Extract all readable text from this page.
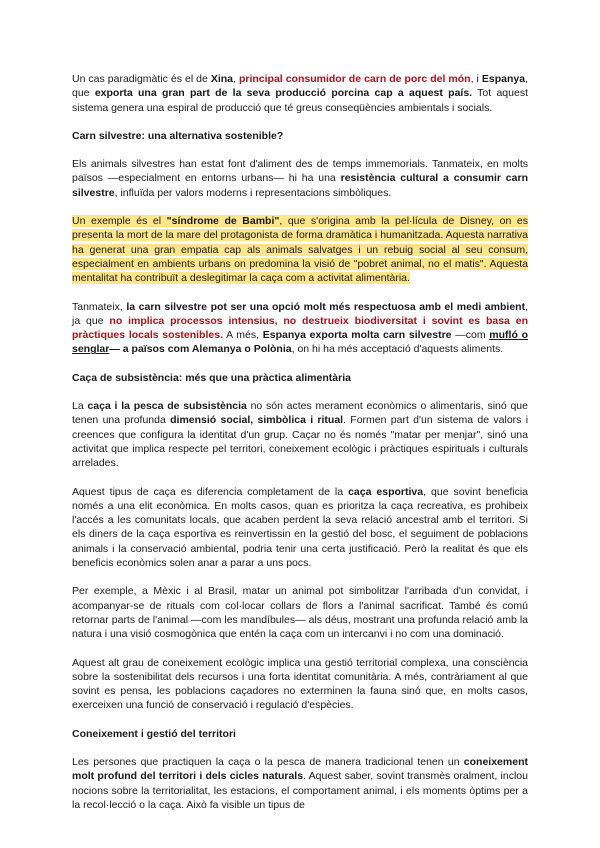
Un cas paradigmàtic és el de Xina, principal consumidor de carn de porc del món, i Espanya, que exporta una gran part de la seva producció porcina cap a aquest país. Tot aquest sistema genera una espiral de producció que té greus conseqüències ambientals i socials.

Carn silvestre: una alternativa sostenible?

Els animals silvestres han estat font d'aliment des de temps immemorials. Tanmateix, en molts països —especialment en entorns urbans— hi ha una resistència cultural a consumir carn silvestre, influïda per valors moderns i representacions simbòliques.

Un exemple és el "síndrome de Bambi", que s'origina amb la pel·lícula de Disney, on es presenta la mort de la mare del protagonista de forma dramàtica i humanitzada. Aquesta narrativa ha generat una gran empatia cap als animals salvatges i un rebuig social al seu consum, especialment en ambients urbans on predomina la visió de "pobret animal, no el matis". Aquesta mentalitat ha contribuït a deslegitimar la caça com a activitat alimentària.

Tanmateix, la carn silvestre pot ser una opció molt més respectuosa amb el medi ambient, ja que no implica processos intensius, no destrueix biodiversitat i sovint es basa en pràctiques locals sostenibles. A més, Espanya exporta molta carn silvestre —com mufló o senglar— a països com Alemanya o Polònia, on hi ha més acceptació d'aquests aliments.

Caça de subsistència: més que una pràctica alimentària

La caça i la pesca de subsistència no són actes merament econòmics o alimentaris, sinó que tenen una profunda dimensió social, simbòlica i ritual. Formen part d'un sistema de valors i creences que configura la identitat d'un grup. Caçar no és només "matar per menjar", sinó una activitat que implica respecte pel territori, coneixement ecològic i pràctiques espirituals i culturals arrelades.

Aquest tipus de caça es diferencia completament de la caça esportiva, que sovint beneficia només a una elit econòmica. En molts casos, quan es prioritza la caça recreativa, es prohibeix l'accés a les comunitats locals, que acaben perdent la seva relació ancestral amb el territori. Si els diners de la caça esportiva es reinvertissin en la gestió del bosc, el seguiment de poblacions animals i la conservació ambiental, podria tenir una certa justificació. Però la realitat és que els beneficis econòmics solen anar a parar a uns pocs.

Per exemple, a Mèxic i al Brasil, matar un animal pot simbolitzar l'arribada d'un convidat, i acompanyar-se de rituals com col·locar collars de flors a l'animal sacrificat. També és comú retornar parts de l'animal —com les mandíbules— als déus, mostrant una profunda relació amb la natura i una visió cosmogònica que entén la caça com un intercanvi i no com una dominació.

Aquest alt grau de coneixement ecològic implica una gestió territorial complexa, una consciència sobre la sostenibilitat dels recursos i una forta identitat comunitària. A més, contràriament al que sovint es pensa, les poblacions caçadores no exterminen la fauna sinó que, en molts casos, exerceixen una funció de conservació i regulació d'espècies.

Coneixement i gestió del territori

Les persones que practiquen la caça o la pesca de manera tradicional tenen un coneixement molt profund del territori i dels cicles naturals. Aquest saber, sovint transmès oralment, inclou nocions sobre la territorialitat, les estacions, el comportament animal, i els moments òptims per a la recol·lecció o la caça. Això fa visible un tipus de
